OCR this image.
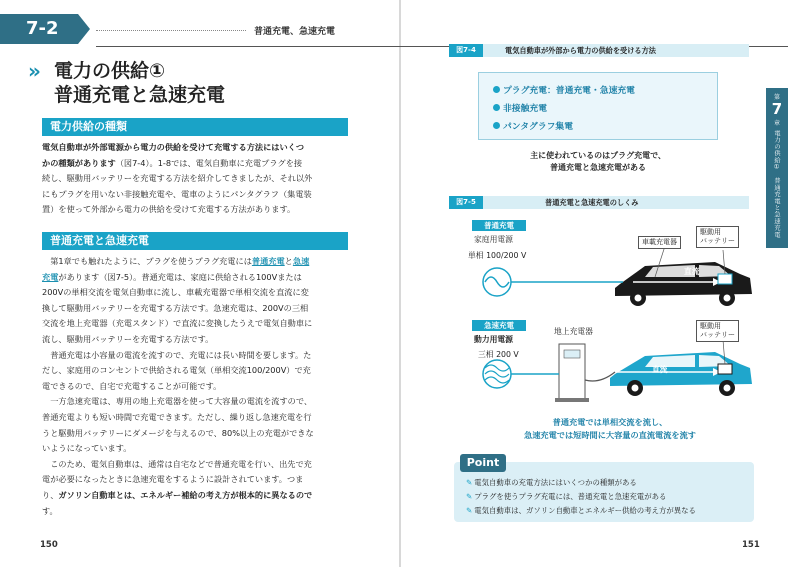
7-2	普通充電、急速充電
» 電力の供給①
普通充電と急速充電
電力供給の種類

電気自動車が外部電源から電力の供給を受けて充電する方法にはいくつ

かの種類があります（図7-4）。1-8では、電気自動車に充電プラグを接

続し、駆動用バッテリーを充電する方法を紹介してきましたが、それ以外

にもプラグを用いない非接触充電や、電車のようにパンタグラフ（集電装

置）を使って外部から電力の供給を受けて充電する方法があります。

普通充電と急速充電

　第1章でも触れたように、プラグを使うプラグ充電には普通充電と急速

充電があります（図7-5）。普通充電は、家庭に供給される100Vまたは

200Vの単相交流を電気自動車に流し、車載充電器で単相交流を直流に変

換して駆動用バッテリーを充電する方法です。急速充電は、200Vの三相

交流を地上充電器（充電スタンド）で直流に変換したうえで電気自動車に

流し、駆動用バッテリーを充電する方法です。

　普通充電は小容量の電流を流すので、充電には長い時間を要します。た

だし、家庭用のコンセントで供給される電気（単相交流100/200V）で充

電できるので、自宅で充電することが可能です。

　一方急速充電は、専用の地上充電器を使って大容量の電流を流すので、

普通充電よりも短い時間で充電できます。ただし、繰り返し急速充電を行

うと駆動用バッテリーにダメージを与えるので、80%以上の充電ができな

いようになっています。

　このため、電気自動車は、通常は自宅などで普通充電を行い、出先で充

電が必要になったときに急速充電をするように設計されています。つま

り、ガソリン自動車とは、エネルギー補給の考え方が根本的に異なるので

す。

150
第
7
章
電力の供給①　普通充電と急速充電
図7-4	電気自動車が外部から電力の供給を受ける方法
プラグ充電：普通充電・急速充電
非接触充電
パンタグラフ集電
主に使われているのはプラグ充電で、
普通充電と急速充電がある
図7-5	普通充電と急速充電のしくみ
普通充電
家庭用電源
単相 100/200 V
車載充電器
駆動用
バッテリー
直流
急速充電
動力用電源
三相 200 V
地上充電器
駆動用
バッテリー
直流
普通充電では単相交流を流し、
急速充電では短時間に大容量の直流電流を流す
Point
✎ 電気自動車の充電方法にはいくつかの種類がある
✎ プラグを使うプラグ充電には、普通充電と急速充電がある
✎ 電気自動車は、ガソリン自動車とエネルギー供給の考え方が異なる
151
